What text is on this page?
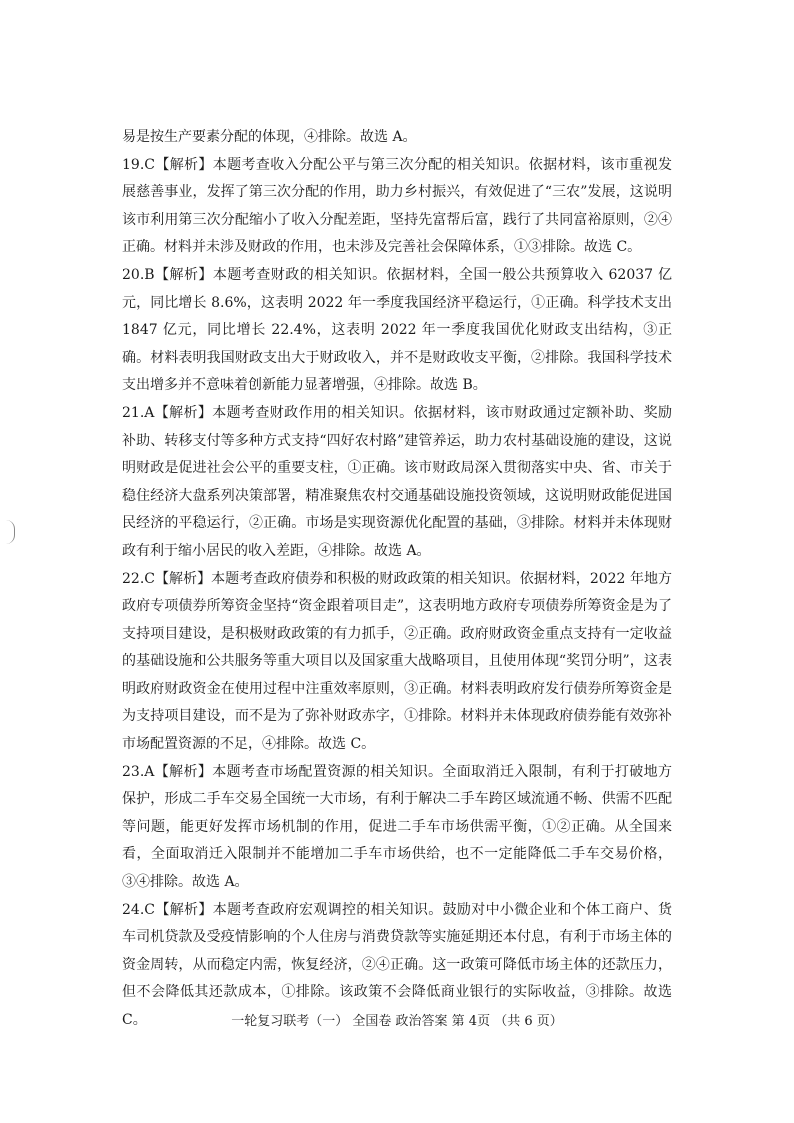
易是按生产要素分配的体现，④排除。故选 A。

19.C【解析】本题考查收入分配公平与第三次分配的相关知识。依据材料，该市重视发展慈善事业，发挥了第三次分配的作用，助力乡村振兴，有效促进了“三农”发展，这说明该市利用第三次分配缩小了收入分配差距，坚持先富帮后富，践行了共同富裕原则，②④正确。材料并未涉及财政的作用，也未涉及完善社会保障体系，①③排除。故选 C。

20.B【解析】本题考查财政的相关知识。依据材料，全国一般公共预算收入 62037 亿元，同比增长 8.6%，这表明 2022 年一季度我国经济平稳运行，①正确。科学技术支出 1847 亿元，同比增长 22.4%，这表明 2022 年一季度我国优化财政支出结构，③正确。材料表明我国财政支出大于财政收入，并不是财政收支平衡，②排除。我国科学技术支出增多并不意味着创新能力显著增强，④排除。故选 B。

21.A【解析】本题考查财政作用的相关知识。依据材料，该市财政通过定额补助、奖励补助、转移支付等多种方式支持“四好农村路”建管养运，助力农村基础设施的建设，这说明财政是促进社会公平的重要支柱，①正确。该市财政局深入贯彻落实中央、省、市关于稳住经济大盘系列决策部署，精准聚焦农村交通基础设施投资领域，这说明财政能促进国民经济的平稳运行，②正确。市场是实现资源优化配置的基础，③排除。材料并未体现财政有利于缩小居民的收入差距，④排除。故选 A。

22.C【解析】本题考查政府债券和积极的财政政策的相关知识。依据材料，2022 年地方政府专项债券所筹资金坚持“资金跟着项目走”，这表明地方政府专项债券所筹资金是为了支持项目建设，是积极财政政策的有力抓手，②正确。政府财政资金重点支持有一定收益的基础设施和公共服务等重大项目以及国家重大战略项目，且使用体现“奖罚分明”，这表明政府财政资金在使用过程中注重效率原则，③正确。材料表明政府发行债券所筹资金是为支持项目建设，而不是为了弥补财政赤字，①排除。材料并未体现政府债券能有效弥补市场配置资源的不足，④排除。故选 C。

23.A【解析】本题考查市场配置资源的相关知识。全面取消迁入限制，有利于打破地方保护，形成二手车交易全国统一大市场，有利于解决二手车跨区域流通不畅、供需不匹配等问题，能更好发挥市场机制的作用，促进二手车市场供需平衡，①②正确。从全国来看，全面取消迁入限制并不能增加二手车市场供给，也不一定能降低二手车交易价格，③④排除。故选 A。

24.C【解析】本题考查政府宏观调控的相关知识。鼓励对中小微企业和个体工商户、货车司机贷款及受疫情影响的个人住房与消费贷款等实施延期还本付息，有利于市场主体的资金周转，从而稳定内需，恢复经济，②④正确。这一政策可降低市场主体的还款压力，但不会降低其还款成本，①排除。该政策不会降低商业银行的实际收益，③排除。故选 C。	一轮复习联考（一） 全国卷 政治答案 第 4页 （共 6 页）
